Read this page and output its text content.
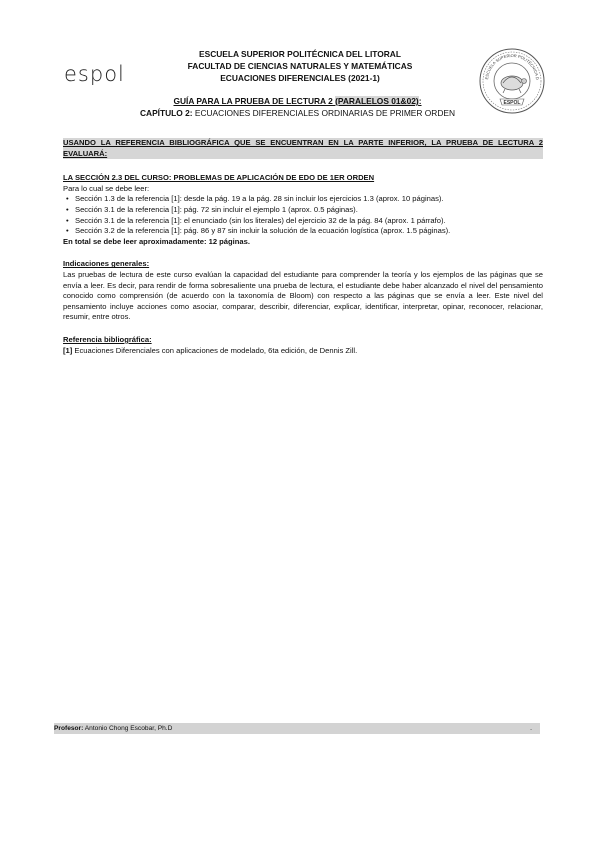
espol	ESCUELA SUPERIOR POLITÉCNICA D
ESPOL
ESCUELA SUPERIOR POLITÉCNICA DEL LITORAL
FACULTAD DE CIENCIAS NATURALES Y MATEMÁTICAS
ECUACIONES DIFERENCIALES (2021-1)
GUÍA PARA LA PRUEBA DE LECTURA 2 (PARALELOS 01&02):
CAPÍTULO 2: ECUACIONES DIFERENCIALES ORDINARIAS DE PRIMER ORDEN
USANDO LA REFERENCIA BIBLIOGRÁFICA QUE SE ENCUENTRAN EN LA PARTE INFERIOR, LA PRUEBA DE LECTURA 2 EVALUARÁ:
LA SECCIÓN 2.3 DEL CURSO: PROBLEMAS DE APLICACIÓN DE EDO DE 1ER ORDEN
Para lo cual se debe leer:
• Sección 1.3 de la referencia [1]: desde la pág. 19 a la pág. 28 sin incluir los ejercicios 1.3 (aprox. 10 páginas).
• Sección 3.1 de la referencia [1]: pág. 72 sin incluir el ejemplo 1 (aprox. 0.5 páginas).
• Sección 3.1 de la referencia [1]: el enunciado (sin los literales) del ejercicio 32 de la pág. 84 (aprox. 1 párrafo).
• Sección 3.2 de la referencia [1]: pág. 86 y 87 sin incluir la solución de la ecuación logística (aprox. 1.5 páginas).
En total se debe leer aproximadamente: 12 páginas.
Indicaciones generales:
Las pruebas de lectura de este curso evalúan la capacidad del estudiante para comprender la teoría y los ejemplos de las páginas que se envía a leer. Es decir, para rendir de forma sobresaliente una prueba de lectura, el estudiante debe haber alcanzado el nivel del pensamiento conocido como comprensión (de acuerdo con la taxonomía de Bloom) con respecto a las páginas que se envía a leer. Este nivel del pensamiento incluye acciones como asociar, comparar, describir, diferenciar, explicar, identificar, interpretar, opinar, reconocer, relacionar, resumir, entre otros.
Referencia bibliográfica:
[1] Ecuaciones Diferenciales con aplicaciones de modelado, 6ta edición, de Dennis Zill.
Profesor: Antonio Chong Escobar, Ph.D	.
